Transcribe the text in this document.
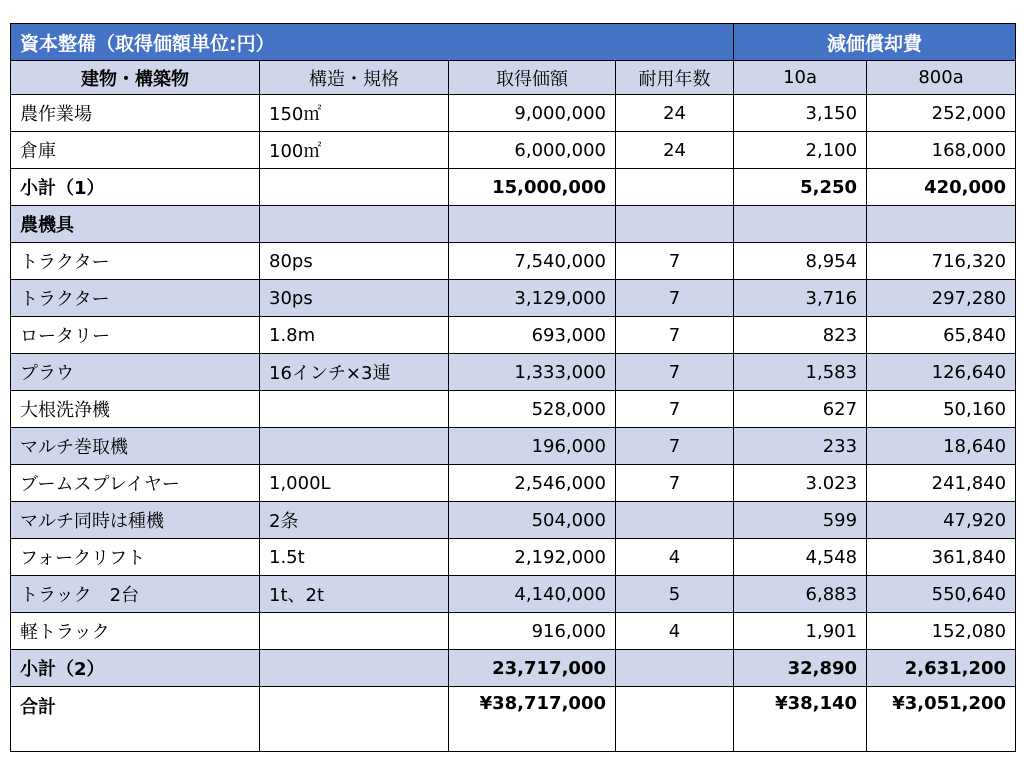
資本整備（取得価額単位:円）				減価償却費	
建物・構築物	構造・規格	取得価額	耐用年数	10a	800a
農作業場	150㎡	9,000,000	24	3,150	252,000
倉庫	100㎡	6,000,000	24	2,100	168,000
小計（1）		15,000,000		5,250	420,000
農機具					
トラクター	80ps	7,540,000	7	8,954	716,320
トラクター	30ps	3,129,000	7	3,716	297,280
ロータリー	1.8m	693,000	7	823	65,840
プラウ	16インチ×3連	1,333,000	7	1,583	126,640
大根洗浄機		528,000	7	627	50,160
マルチ巻取機		196,000	7	233	18,640
ブームスプレイヤー	1,000L	2,546,000	7	3.023	241,840
マルチ同時は種機	2条	504,000		599	47,920
フォークリフト	1.5t	2,192,000	4	4,548	361,840
トラック　2台	1t、2t	4,140,000	5	6,883	550,640
軽トラック		916,000	4	1,901	152,080
小計（2）		23,717,000		32,890	2,631,200
合計		¥38,717,000		¥38,140	¥3,051,200
